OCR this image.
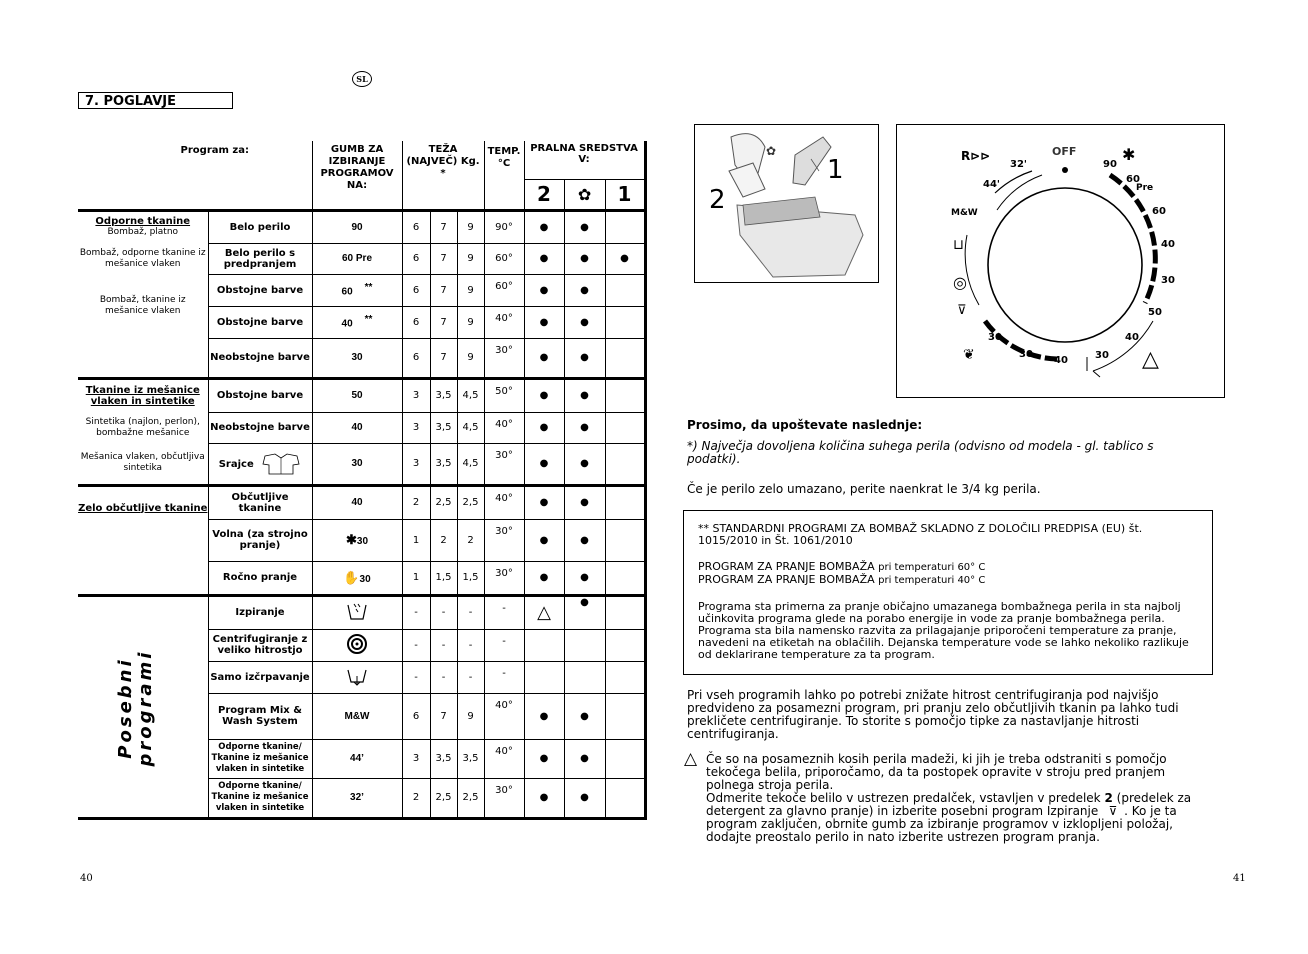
SL
7. POGLAVJE
Program za:		GUMB ZA IZBIRANJE PROGRAMOV NA:	TEŽA (NAJVEČ) Kg. *			TEMP. °C	PRALNA SREDSTVA V:		
							2	✿	1

Odporne tkanine
Bombaž, platno	Belo perilo	90	6	7	9	90°	●	●	
Bombaž, odporne tkanine iz mešanice vlaken	Belo perilo s predpranjem	60 Pre	6	7	9	60°	●	●	●
Bombaž, tkanine iz mešanice vlaken	Obstojne barve	60 **	6	7	9	60°	●	●	
	Obstojne barve	40 **	6	7	9	40°	●	●	
	Neobstojne barve	30	6	7	9	30°	●	●	

Tkanine iz mešanice vlaken in sintetike	Obstojne barve	50	3	3,5	4,5	50°	●	●	
Sintetika (najlon, perlon), bombažne mešanice	Neobstojne barve	40	3	3,5	4,5	40°	●	●	
Mešanica vlaken, občutljiva sintetika	Srajce	30	3	3,5	4,5	30°	●	●	

Zelo občutljive tkanine	Občutljive tkanine	40	2	2,5	2,5	40°	●	●	
	Volna (za strojno pranje)	✱30	1	2	2	30°	●	●	
	Ročno pranje	✋30	1	1,5	1,5	30°	●	●	
	Izpiranje		-	-	-	-	△	●	
	Centrifugiranje z veliko hitrostjo		-	-	-	-			
	Samo izčrpavanje		-	-	-	-			
	Program Mix & Wash System	M&W	6	7	9	40°	●	●	
	Odporne tkanine/ Tkanine iz mešanice vlaken in sintetike	44’	3	3,5	3,5	40°	●	●	
	Odporne tkanine/ Tkanine iz mešanice vlaken in sintetike	32’	2	2,5	2,5	30°	●	●	
Posebni programi
✿
1
2
OFF
32'
44'
M&W
90
60
Pre
60
40
30
50
40
30
40
30
30
R⊳⊳	✱
⊔
◎
⊽
❦	△
Prosimo, da upoštevate naslednje:
*) Največja dovoljena količina suhega perila (odvisno od modela - gl. tablico s podatki).
Če je perilo zelo umazano, perite naenkrat le 3/4 kg perila.
** STANDARDNI PROGRAMI ZA BOMBAŽ SKLADNO Z DOLOČILI PREDPISA (EU) št. 1015/2010 in Št. 1061/2010
PROGRAM ZA PRANJE BOMBAŽA pri temperaturi 60° C
PROGRAM ZA PRANJE BOMBAŽA pri temperaturi 40° C
Programa sta primerna za pranje običajno umazanega bombažnega perila in sta najbolj učinkovita programa glede na porabo energije in vode za pranje bombažnega perila. Programa sta bila namensko razvita za prilagajanje priporočeni temperature za pranje, navedeni na etiketah na oblačilih. Dejanska temperature vode se lahko nekoliko razlikuje od deklarirane temperature za ta program.
Pri vseh programih lahko po potrebi znižate hitrost centrifugiranja pod najvišjo predvideno za posamezni program, pri pranju zelo občutljivih tkanin pa lahko tudi prekličete centrifugiranje. To storite s pomočjo tipke za nastavljanje hitrosti centrifugiranja.
△ Če so na posameznih kosih perila madeži, ki jih je treba odstraniti s pomočjo tekočega belila, priporočamo, da ta postopek opravite v stroju pred pranjem polnega stroja perila.
Odmerite tekoče belilo v ustrezen predalček, vstavljen v predelek 2 (predelek za detergent za glavno pranje) in izberite posebni program Izpiranje ⊽ . Ko je ta program zaključen, obrnite gumb za izbiranje programov v izklopljeni položaj, dodajte preostalo perilo in nato izberite ustrezen program pranja.
40	41
